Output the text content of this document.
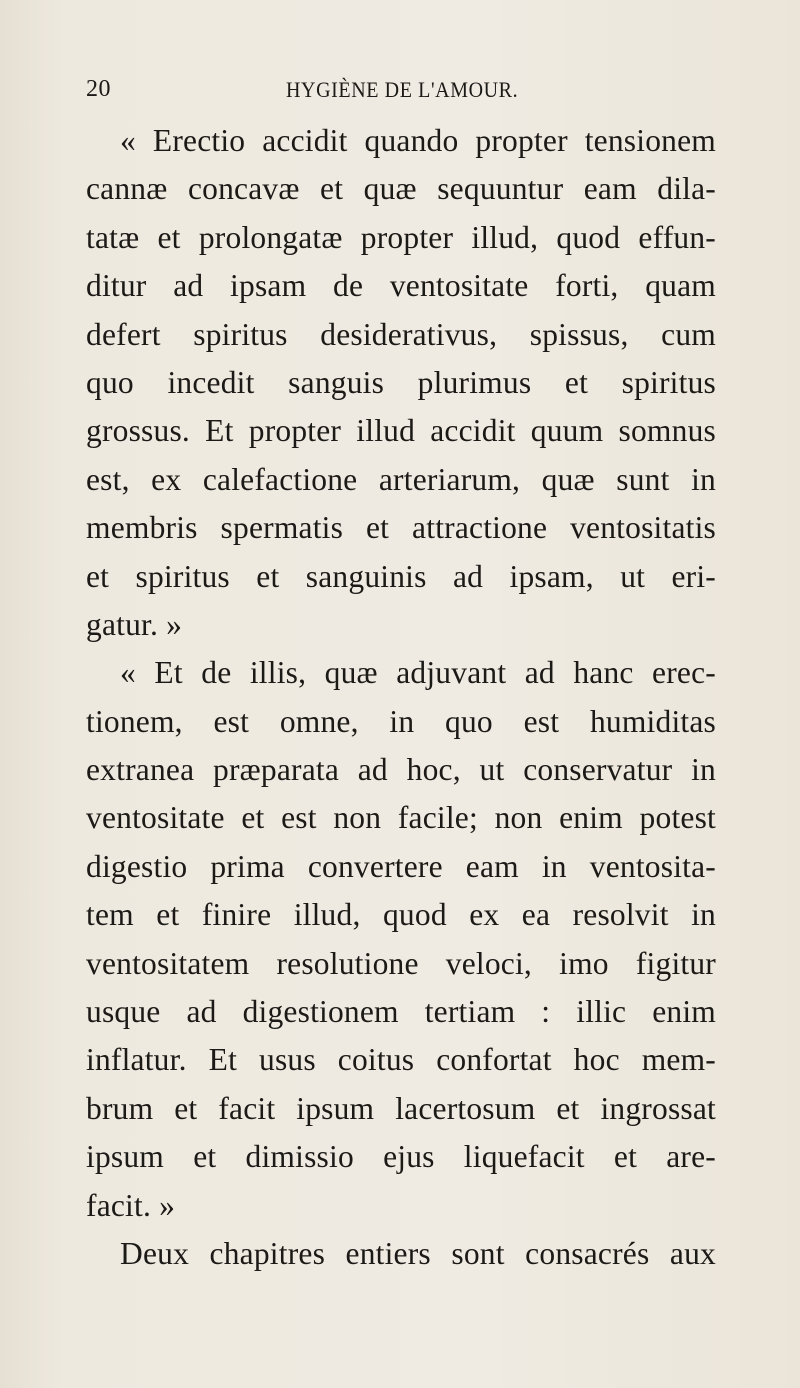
20	HYGIÈNE DE L'AMOUR.
« Erectio accidit quando propter tensionem
cannæ concavæ et quæ sequuntur eam dila-
tatæ et prolongatæ propter illud, quod effun-
ditur ad ipsam de ventositate forti, quam
defert spiritus desiderativus, spissus, cum
quo incedit sanguis plurimus et spiritus
grossus. Et propter illud accidit quum somnus
est, ex calefactione arteriarum, quæ sunt in
membris spermatis et attractione ventositatis
et spiritus et sanguinis ad ipsam, ut eri-
gatur. »
« Et de illis, quæ adjuvant ad hanc erec-
tionem, est omne, in quo est humiditas
extranea præparata ad hoc, ut conservatur in
ventositate et est non facile; non enim potest
digestio prima convertere eam in ventosita-
tem et finire illud, quod ex ea resolvit in
ventositatem resolutione veloci, imo figitur
usque ad digestionem tertiam : illic enim
inflatur. Et usus coitus confortat hoc mem-
brum et facit ipsum lacertosum et ingrossat
ipsum et dimissio ejus liquefacit et are-
facit. »
Deux chapitres entiers sont consacrés aux
